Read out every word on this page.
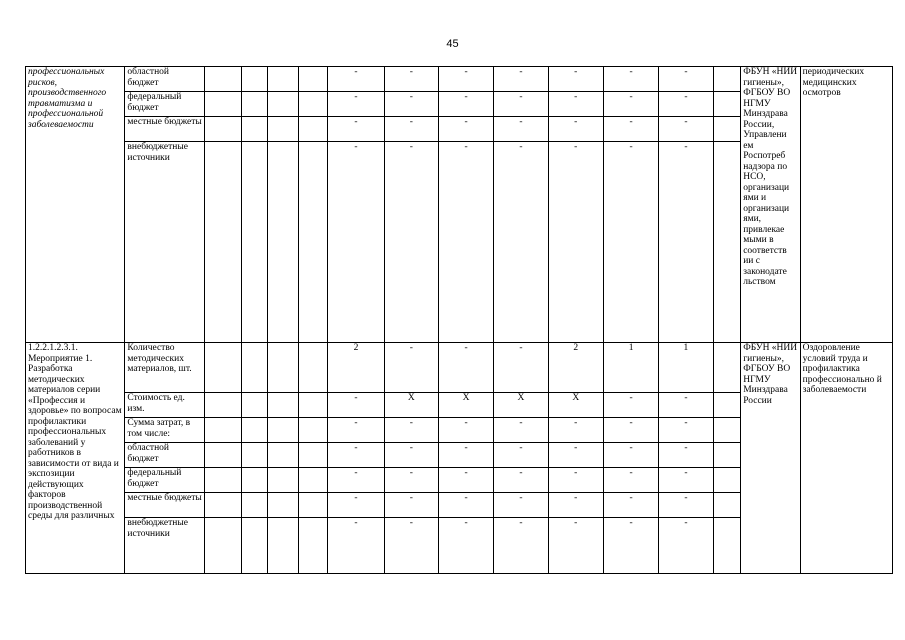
45
профессиональных рисков, производственного травматизма и профессиональной заболеваемости	областной бюджет					-	-	-	-	-	-	-		ФБУН «НИИ гигиены», ФГБОУ ВО НГМУ Минздрава России, Управлени ем Роспотреб надзора по НСО, организаци ями и организаци ями, привлекае мыми в соответств ии с законодате льством	периодических медицинских осмотров
	федеральный бюджет					-	-	-	-	-	-	-			
	местные бюджеты					-	-	-	-	-	-	-			
	внебюджетные источники					-	-	-	-	-	-	-			
1.2.2.1.2.3.1. Мероприятие 1. Разработка методических материалов серии «Профессия и здоровье» по вопросам профилактики профессиональных заболеваний у работников в зависимости от вида и экспозиции действующих факторов производственной среды для различных	Количество методических материалов, шт.					2	-	-	-	2	1	1		ФБУН «НИИ гигиены», ФГБОУ ВО НГМУ Минздрава России	Оздоровление условий труда и профилактика профессионально й заболеваемости
	Стоимость ед. изм.					-	X	X	X	X	-	-			
	Сумма затрат, в том числе:					-	-	-	-	-	-	-			
	областной бюджет					-	-	-	-	-	-	-			
	федеральный бюджет					-	-	-	-	-	-	-			
	местные бюджеты					-	-	-	-	-	-	-			
	внебюджетные источники					-	-	-	-	-	-	-			
